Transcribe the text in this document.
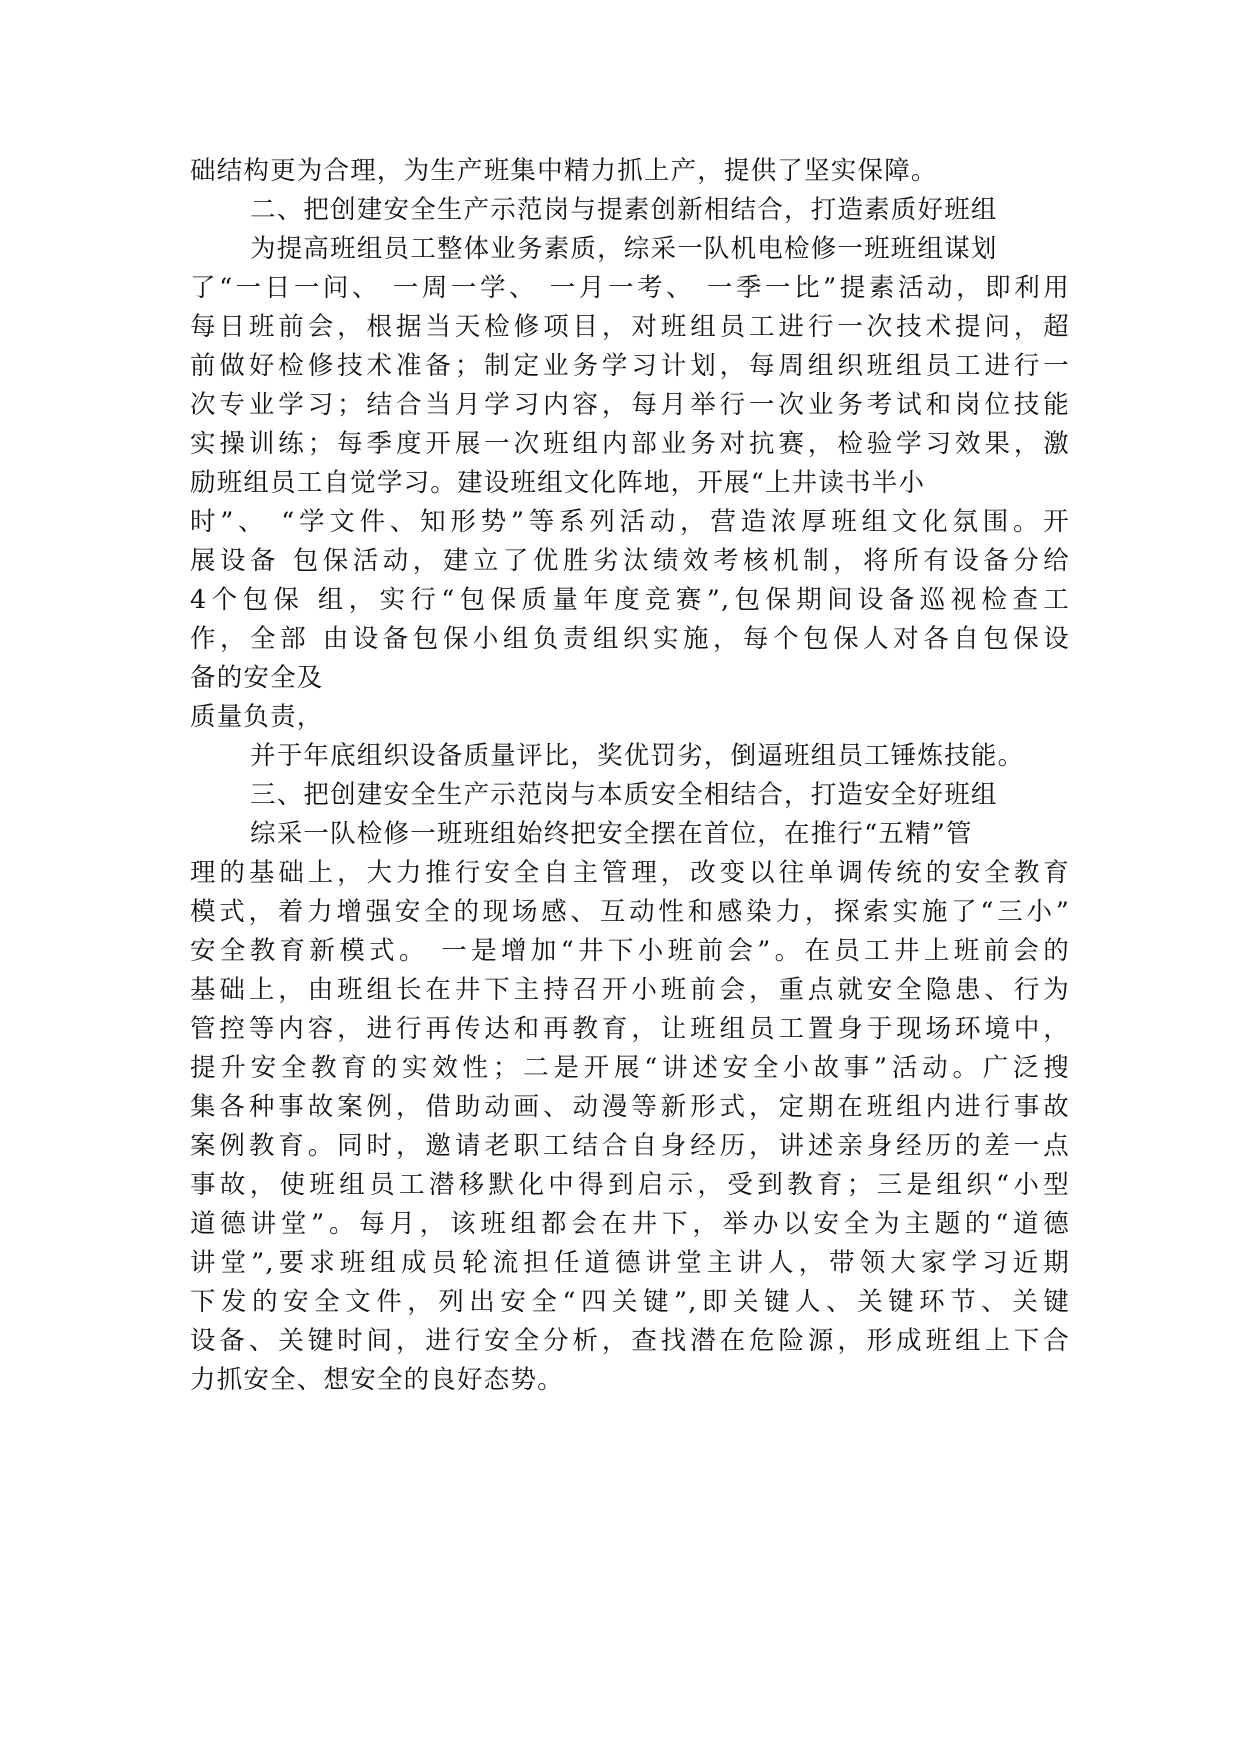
础结构更为合理，为生产班集中精力抓上产，提供了坚实保障。
二、把创建安全生产示范岗与提素创新相结合，打造素质好班组
为提高班组员工整体业务素质，综采一队机电检修一班班组谋划
了“一日一问、 一周一学、 一月一考、 一季一比”提素活动，即利用
每日班前会，根据当天检修项目，对班组员工进行一次技术提问，超
前做好检修技术准备；制定业务学习计划，每周组织班组员工进行一
次专业学习；结合当月学习内容，每月举行一次业务考试和岗位技能
实操训练；每季度开展一次班组内部业务对抗赛，检验学习效果，激
励班组员工自觉学习。建设班组文化阵地，开展“上井读书半小
时”、 “学文件、知形势”等系列活动，营造浓厚班组文化氛围。开
展设备 包保活动，建立了优胜劣汰绩效考核机制，将所有设备分给
4个包保 组，实行“包保质量年度竞赛”,包保期间设备巡视检查工
作，全部 由设备包保小组负责组织实施，每个包保人对各自包保设
备的安全及
质量负责，
并于年底组织设备质量评比，奖优罚劣，倒逼班组员工锤炼技能。
三、把创建安全生产示范岗与本质安全相结合，打造安全好班组
综采一队检修一班班组始终把安全摆在首位，在推行“五精”管
理的基础上，大力推行安全自主管理，改变以往单调传统的安全教育
模式，着力增强安全的现场感、互动性和感染力，探索实施了“三小”
安全教育新模式。 一是增加“井下小班前会”。在员工井上班前会的
基础上，由班组长在井下主持召开小班前会，重点就安全隐患、行为
管控等内容，进行再传达和再教育，让班组员工置身于现场环境中，
提升安全教育的实效性；二是开展“讲述安全小故事”活动。广泛搜
集各种事故案例，借助动画、动漫等新形式，定期在班组内进行事故
案例教育。同时，邀请老职工结合自身经历，讲述亲身经历的差一点
事故，使班组员工潜移默化中得到启示，受到教育；三是组织“小型
道德讲堂”。每月，该班组都会在井下，举办以安全为主题的“道德
讲堂”,要求班组成员轮流担任道德讲堂主讲人，带领大家学习近期
下发的安全文件，列出安全“四关键”,即关键人、关键环节、关键
设备、关键时间，进行安全分析，查找潜在危险源，形成班组上下合
力抓安全、想安全的良好态势。
